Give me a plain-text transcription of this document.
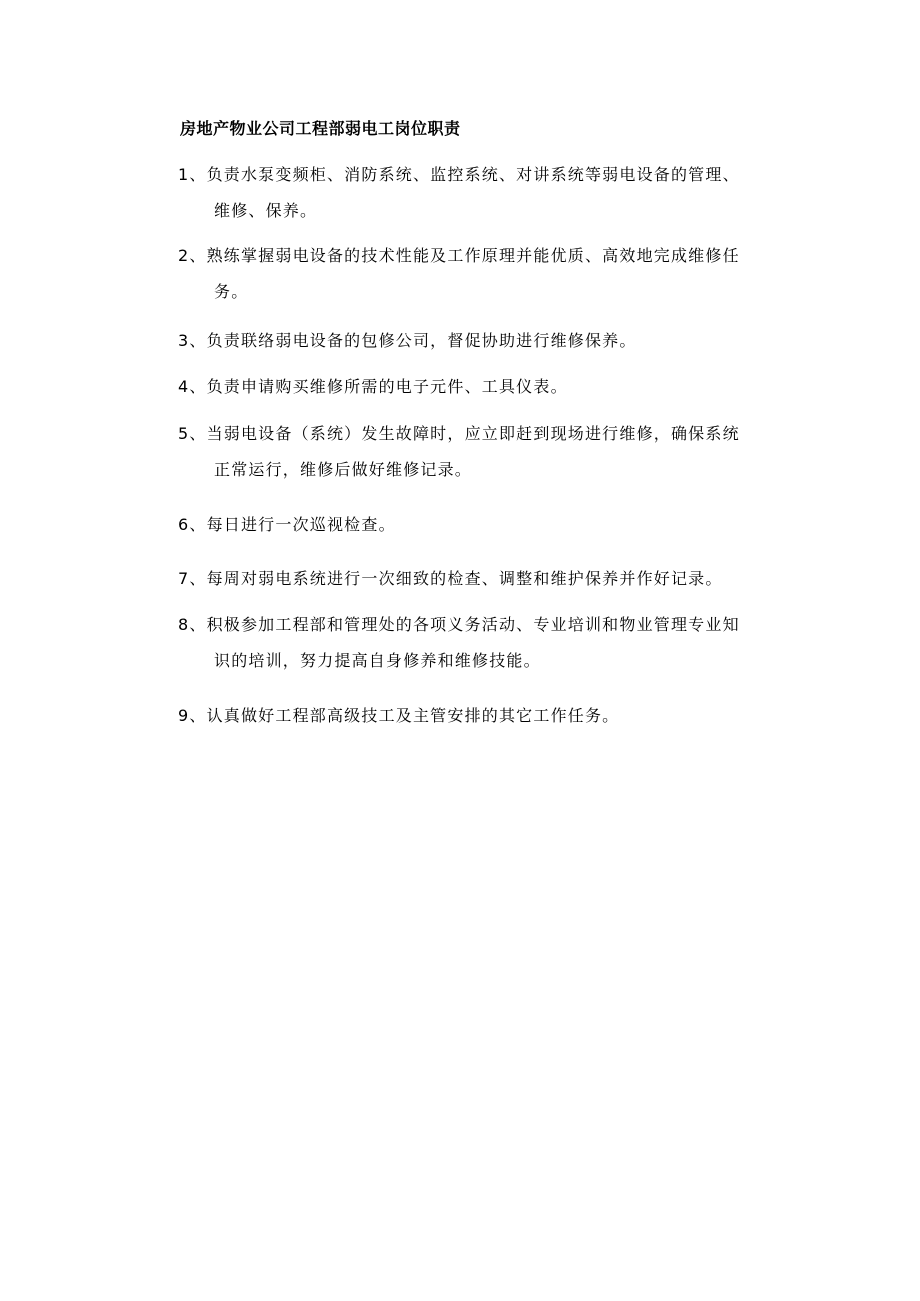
房地产物业公司工程部弱电工岗位职责
1、负责水泵变频柜、消防系统、监控系统、对讲系统等弱电设备的管理、
维修、保养。
2、熟练掌握弱电设备的技术性能及工作原理并能优质、高效地完成维修任
务。
3、负责联络弱电设备的包修公司，督促协助进行维修保养。
4、负责申请购买维修所需的电子元件、工具仪表。
5、当弱电设备（系统）发生故障时，应立即赶到现场进行维修，确保系统
正常运行，维修后做好维修记录。
6、每日进行一次巡视检查。
7、每周对弱电系统进行一次细致的检查、调整和维护保养并作好记录。
8、积极参加工程部和管理处的各项义务活动、专业培训和物业管理专业知
识的培训，努力提高自身修养和维修技能。
9、认真做好工程部高级技工及主管安排的其它工作任务。
